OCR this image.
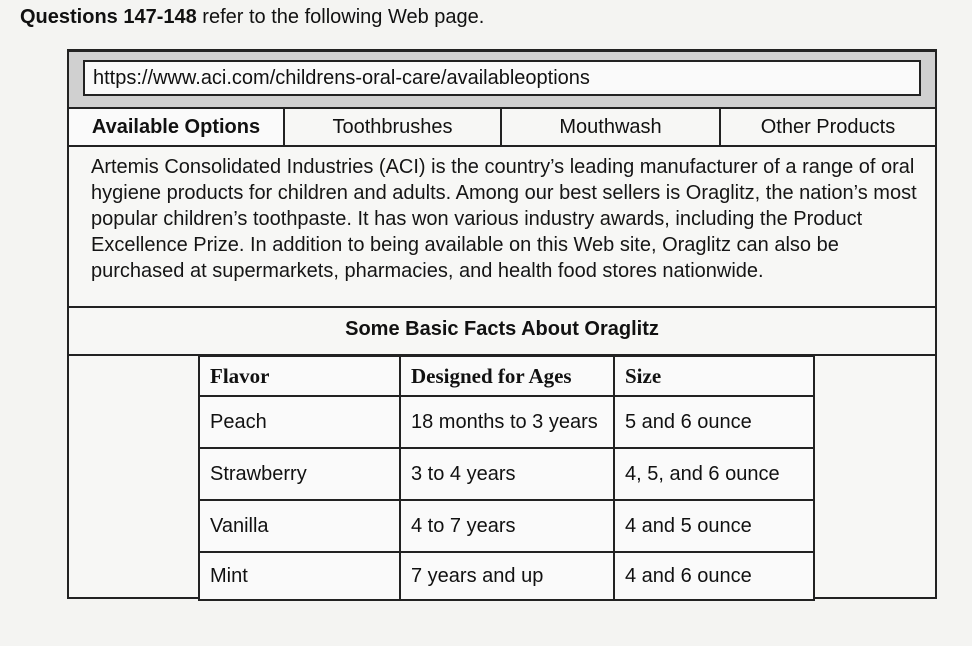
Questions 147-148 refer to the following Web page.
https://www.aci.com/childrens-oral-care/availableoptions
Available Options	Toothbrushes	Mouthwash	Other Products
Artemis Consolidated Industries (ACI) is the country’s leading manufacturer of a range of oral hygiene products for children and adults. Among our best sellers is Oraglitz, the nation’s most popular children’s toothpaste. It has won various industry awards, including the Product Excellence Prize. In addition to being available on this Web site, Oraglitz can also be purchased at supermarkets, pharmacies, and health food stores nationwide.
Some Basic Facts About Oraglitz
Flavor	Designed for Ages	Size
Peach	18 months to 3 years	5 and 6 ounce
Strawberry	3 to 4 years	4, 5, and 6 ounce
Vanilla	4 to 7 years	4 and 5 ounce
Mint	7 years and up	4 and 6 ounce
